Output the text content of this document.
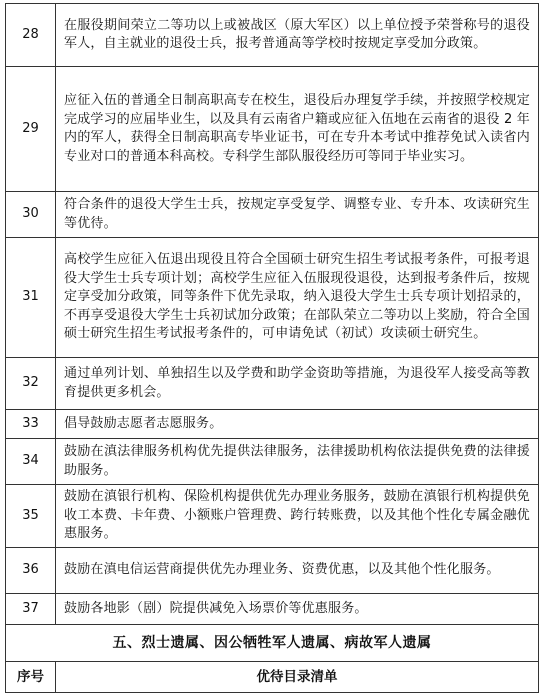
28	在服役期间荣立二等功以上或被战区（原大军区）以上单位授予荣誉称号的退役军人，自主就业的退役士兵，报考普通高等学校时按规定享受加分政策。
29	应征入伍的普通全日制高职高专在校生，退役后办理复学手续，并按照学校规定完成学习的应届毕业生，以及具有云南省户籍或应征入伍地在云南省的退役 2 年内的军人，获得全日制高职高专毕业证书，可在专升本考试中推荐免试入读省内专业对口的普通本科高校。专科学生部队服役经历可等同于毕业实习。
30	符合条件的退役大学生士兵，按规定享受复学、调整专业、专升本、攻读研究生等优待。
31	高校学生应征入伍退出现役且符合全国硕士研究生招生考试报考条件，可报考退役大学生士兵专项计划；高校学生应征入伍服现役退役，达到报考条件后，按规定享受加分政策，同等条件下优先录取，纳入退役大学生士兵专项计划招录的，不再享受退役大学生士兵初试加分政策；在部队荣立二等功以上奖励，符合全国硕士研究生招生考试报考条件的，可申请免试（初试）攻读硕士研究生。
32	通过单列计划、单独招生以及学费和助学金资助等措施，为退役军人接受高等教育提供更多机会。
33	倡导鼓励志愿者志愿服务。
34	鼓励在滇法律服务机构优先提供法律服务，法律援助机构依法提供免费的法律援助服务。
35	鼓励在滇银行机构、保险机构提供优先办理业务服务，鼓励在滇银行机构提供免收工本费、卡年费、小额账户管理费、跨行转账费，以及其他个性化专属金融优惠服务。
36	鼓励在滇电信运营商提供优先办理业务、资费优惠，以及其他个性化服务。
37	鼓励各地影（剧）院提供减免入场票价等优惠服务。
五、烈士遗属、因公牺牲军人遗属、病故军人遗属	
序号	优待目录清单
